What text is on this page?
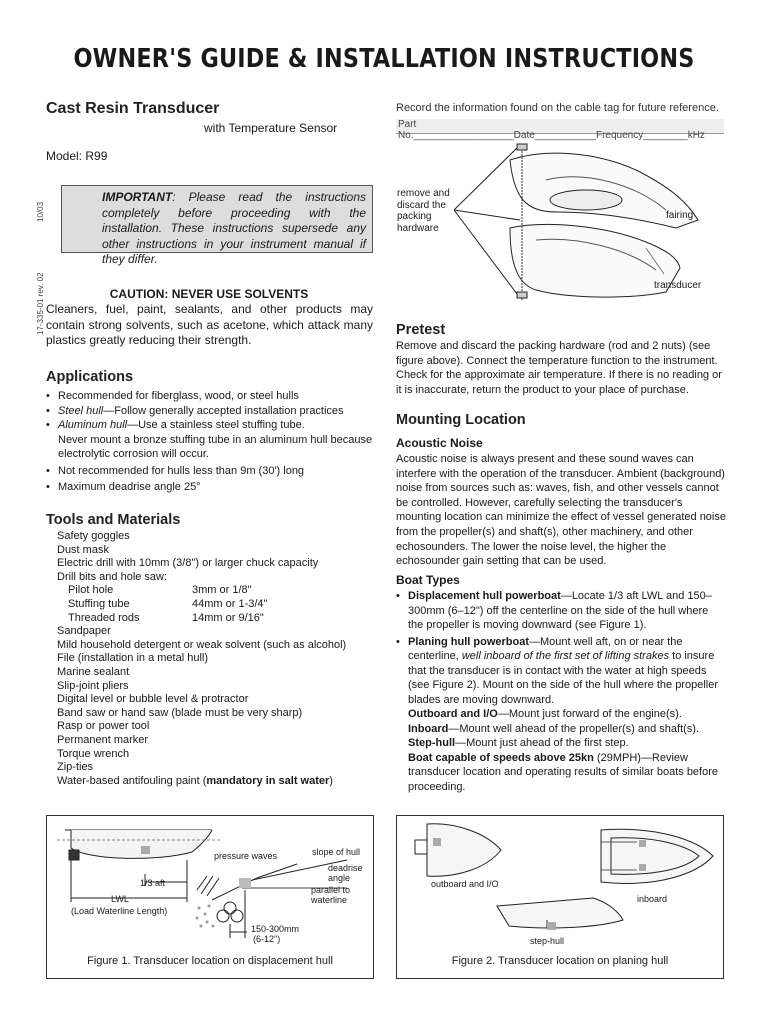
OWNER'S GUIDE & INSTALLATION INSTRUCTIONS
10/03
17-335-01 rev. 02
Cast Resin Transducer
with Temperature Sensor
Model: R99
IMPORTANT: Please read the instructions completely before proceeding with the installation. These instructions supersede any other instructions in your instrument manual if they differ.
CAUTION: NEVER USE SOLVENTS
Cleaners, fuel, paint, sealants, and other products may contain strong solvents, such as acetone, which attack many plastics greatly reducing their strength.
Applications
• Recommended for fiberglass, wood, or steel hulls
• Steel hull—Follow generally accepted installation practices
• Aluminum hull—Use a stainless steel stuffing tube.
Never mount a bronze stuffing tube in an aluminum hull because electrolytic corrosion will occur.
• Not recommended for hulls less than 9m (30') long
• Maximum deadrise angle 25°
Tools and Materials
Safety goggles
Dust mask
Electric drill with 10mm (3/8") or larger chuck capacity
Drill bits and hole saw:
Pilot hole	3mm or 1/8"
Stuffing tube	44mm or 1-3/4"
Threaded rods	14mm or 9/16"
Sandpaper
Mild household detergent or weak solvent (such as alcohol)
File (installation in a metal hull)
Marine sealant
Slip-joint pliers
Digital level or bubble level & protractor
Band saw or hand saw (blade must be very sharp)
Rasp or power tool
Permanent marker
Torque wrench
Zip-ties
Water-based antifouling paint (mandatory in salt water)
Record the information found on the cable tag for future reference.
Part No.__________________Date___________Frequency________kHz
remove and discard the packing hardware
fairing
transducer
Pretest
Remove and discard the packing hardware (rod and 2 nuts) (see figure above). Connect the temperature function to the instrument. Check for the approximate air temperature. If there is no reading or it is inaccurate, return the product to your place of purchase.
Mounting Location
Acoustic Noise
Acoustic noise is always present and these sound waves can interfere with the operation of the transducer. Ambient (background) noise from sources such as: waves, fish, and other vessels cannot be controlled. However, carefully selecting the transducer's mounting location can minimize the effect of vessel generated noise from the propeller(s) and shaft(s), other machinery, and other echosounders. The lower the noise level, the higher the echosounder gain setting that can be used.
Boat Types
• Displacement hull powerboat—Locate 1/3 aft LWL and 150–300mm (6–12") off the centerline on the side of the hull where the propeller is moving downward (see Figure 1).
• Planing hull powerboat—Mount well aft, on or near the centerline, well inboard of the first set of lifting strakes to insure that the transducer is in contact with the water at high speeds (see Figure 2). Mount on the side of the hull where the propeller blades are moving downward.
Outboard and I/O—Mount just forward of the engine(s).
Inboard—Mount well ahead of the propeller(s) and shaft(s).
Step-hull—Mount just ahead of the first step.
Boat capable of speeds above 25kn (29MPH)—Review transducer location and operating results of similar boats before proceeding.
pressure waves	slope of hull
deadrise angle
parallel to waterline
1/3 aft
LWL
(Load Waterline Length)
150-300mm
(6-12")
Figure 1. Transducer location on displacement hull
outboard and I/O
inboard
step-hull
Figure 2. Transducer location on planing hull
